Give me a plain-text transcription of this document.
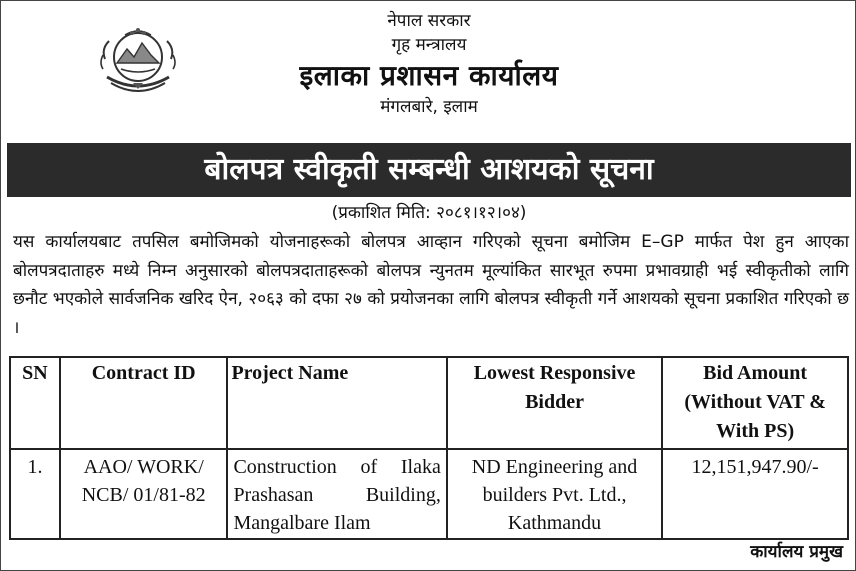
नेपाल सरकार
गृह मन्त्रालय
इलाका प्रशासन कार्यालय
मंगलबारे, इलाम
बोलपत्र स्वीकृती सम्बन्धी आशयको सूचना
(प्रकाशित मिति: २०८१।१२।०४)

यस कार्यालयबाट तपसिल बमोजिमको योजनाहरूको बोलपत्र आव्हान गरिएको सूचना बमोजिम E–GP मार्फत पेश हुन आएका बोलपत्रदाताहरु मध्ये निम्न अनुसारको बोलपत्रदाताहरूको बोलपत्र न्युनतम मूल्यांकित सारभूत रुपमा प्रभावग्राही भई स्वीकृतीको लागि छनौट भएकोले सार्वजनिक खरिद ऐन, २०६३ को दफा २७ को प्रयोजनका लागि बोलपत्र स्वीकृती गर्ने आशयको सूचना प्रकाशित गरिएको छ ।

SN	Contract ID	Project Name	Lowest Responsive Bidder	Bid Amount (Without VAT & With PS)
1.	AAO/ WORK/ NCB/ 01/81-82	Construction of Ilaka Prashasan Building, Mangalbare Ilam	ND Engineering and builders Pvt. Ltd., Kathmandu	12,151,947.90/-
कार्यालय प्रमुख
